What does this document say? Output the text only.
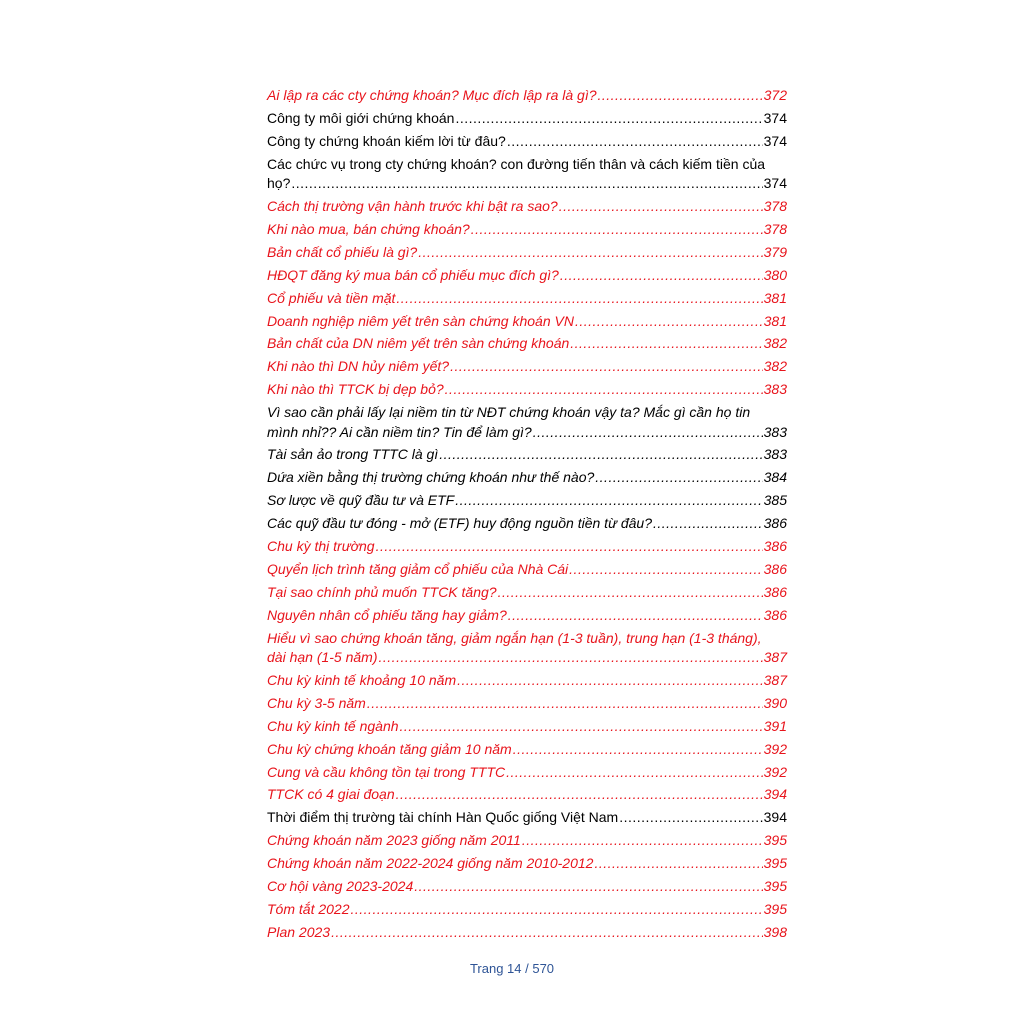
Ai lập ra các cty chứng khoán? Mục đích lập ra là gì? .....	372
Công ty môi giới chứng khoán .....	374
Công ty chứng khoán kiếm lời từ đâu? .....	374
Các chức vụ trong cty chứng khoán? con đường tiến thân và cách kiếm tiền của
họ? .....	374
Cách thị trường vận hành trước khi bật ra sao? .....	378
Khi nào mua, bán chứng khoán? .....	378
Bản chất cổ phiếu là gì? .....	379
HĐQT đăng ký mua bán cổ phiếu mục đích gì? .....	380
Cổ phiếu và tiền mặt .....	381
Doanh nghiệp niêm yết trên sàn chứng khoán VN .....	381
Bản chất của DN niêm yết trên sàn chứng khoán .....	382
Khi nào thì DN hủy niêm yết? .....	382
Khi nào thì TTCK bị dẹp bỏ? .....	383
Vì sao cần phải lấy lại niềm tin từ NĐT chứng khoán vậy ta? Mắc gì cần họ tin
mình nhỉ?? Ai cần niềm tin? Tin để làm gì? .....	383
Tài sản ảo trong TTTC là gì .....	383
Dứa xiền bằng thị trường chứng khoán như thế nào? .....	384
Sơ lược về quỹ đầu tư và ETF .....	385
Các quỹ đầu tư đóng - mở (ETF) huy động nguồn tiền từ đâu? .....	386
Chu kỳ thị trường .....	386
Quyển lịch trình tăng giảm cổ phiếu của Nhà Cái .....	386
Tại sao chính phủ muốn TTCK tăng? .....	386
Nguyên nhân cổ phiếu tăng hay giảm? .....	386
Hiểu vì sao chứng khoán tăng, giảm ngắn hạn (1-3 tuần), trung hạn (1-3 tháng),
dài hạn (1-5 năm) .....	387
Chu kỳ kinh tế khoảng 10 năm .....	387
Chu kỳ 3-5 năm .....	390
Chu kỳ kinh tế ngành .....	391
Chu kỳ chứng khoán tăng giảm 10 năm .....	392
Cung và cầu không tồn tại trong TTTC .....	392
TTCK có 4 giai đoạn .....	394
Thời điểm thị trường tài chính Hàn Quốc giống Việt Nam .....	394
Chứng khoán năm 2023 giống năm 2011 .....	395
Chứng khoán năm 2022-2024 giống năm 2010-2012 .....	395
Cơ hội vàng 2023-2024 .....	395
Tóm tắt 2022 .....	395
Plan 2023 .....	398
Trang 14 / 570
